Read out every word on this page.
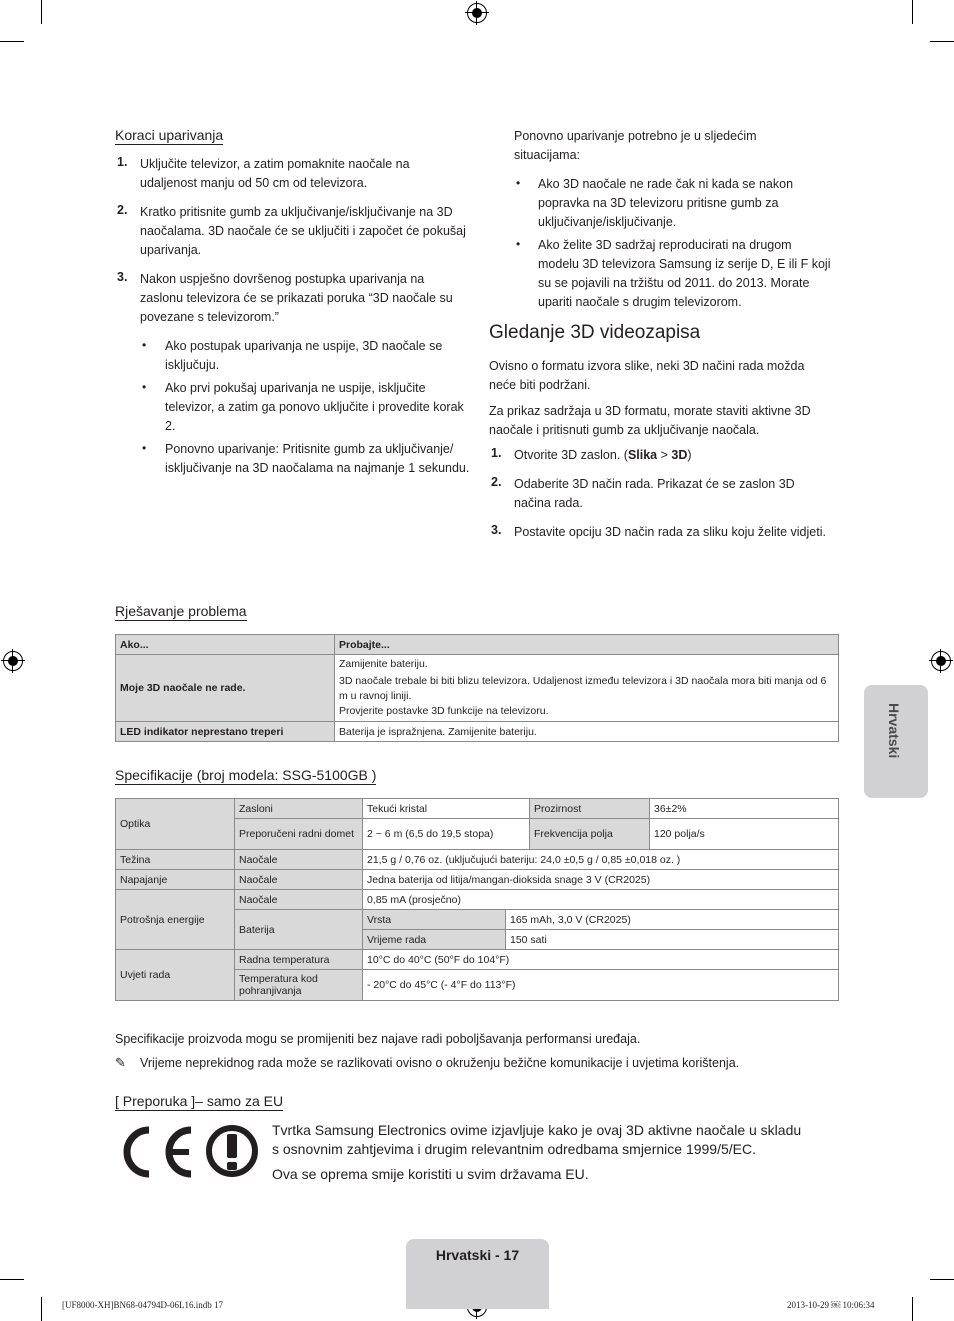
Koraci uparivanja
1. Uključite televizor, a zatim pomaknite naočale na udaljenost manju od 50 cm od televizora.
2. Kratko pritisnite gumb za uključivanje/isključivanje na 3D naočalama. 3D naočale će se uključiti i započet će pokušaj uparivanja.
3. Nakon uspješno dovršenog postupka uparivanja na zaslonu televizora će se prikazati poruka “3D naočale su povezane s televizorom.”
• Ako postupak uparivanja ne uspije, 3D naočale se isključuju.
• Ako prvi pokušaj uparivanja ne uspije, isključite televizor, a zatim ga ponovo uključite i provedite korak 2.
• Ponovno uparivanje: Pritisnite gumb za uključivanje/ isključivanje na 3D naočalama na najmanje 1 sekundu.
Ponovno uparivanje potrebno je u sljedećim situacijama:
• Ako 3D naočale ne rade čak ni kada se nakon popravka na 3D televizoru pritisne gumb za uključivanje/isključivanje.
• Ako želite 3D sadržaj reproducirati na drugom modelu 3D televizora Samsung iz serije D, E ili F koji su se pojavili na tržištu od 2011. do 2013. Morate upariti naočale s drugim televizorom.
Gledanje 3D videozapisa
Ovisno o formatu izvora slike, neki 3D načini rada možda neće biti podržani.
Za prikaz sadržaja u 3D formatu, morate staviti aktivne 3D naočale i pritisnuti gumb za uključivanje naočala.
1. Otvorite 3D zaslon. (Slika > 3D)
2. Odaberite 3D način rada. Prikazat će se zaslon 3D načina rada.
3. Postavite opciju 3D način rada za sliku koju želite vidjeti.
Rješavanje problema
Ako...	Probajte...
Moje 3D naočale ne rade.	Zamijenite bateriju.
3D naočale trebale bi biti blizu televizora. Udaljenost između televizora i 3D naočala mora biti manja od 6 m u ravnoj liniji.
Provjerite postavke 3D funkcije na televizoru.

LED indikator neprestano treperi	Baterija je ispražnjena. Zamijenite bateriju.
Specifikacije (broj modela: SSG-5100GB )
Optika	Zasloni	Tekući kristal		Prozirnost	36±2%
	Preporučeni radni domet	2 ~ 6 m (6,5 do 19,5 stopa)		Frekvencija polja	120 polja/s
Težina	Naočale	21,5 g / 0,76 oz. (uključujući bateriju: 24,0 ±0,5 g / 0,85 ±0,018 oz. )			
Napajanje	Naočale	Jedna baterija od litija/mangan-dioksida snage 3 V (CR2025)			
Potrošnja energije	Naočale	0,85 mA (prosječno)			
	Baterija	Vrsta	165 mAh, 3,0 V (CR2025)		
		Vrijeme rada	150 sati		
Uvjeti rada	Radna temperatura	10°C do 40°C (50°F do 104°F)			
	Temperatura kod pohranjivanja	- 20°C do 45°C (- 4°F do 113°F)			
Specifikacije proizvoda mogu se promijeniti bez najave radi poboljšavanja performansi uređaja.
✎ Vrijeme neprekidnog rada može se razlikovati ovisno o okruženju bežične komunikacije i uvjetima korištenja.
[ Preporuka ]– samo za EU
Tvrtka Samsung Electronics ovime izjavljuje kako je ovaj 3D aktivne naočale u skladu s osnovnim zahtjevima i drugim relevantnim odredbama smjernice 1999/5/EC.
Ova se oprema smije koristiti u svim državama EU.
Hrvatski
Hrvatski - 17
[UF8000-XH]BN68-04794D-06L16.indb 17	2013-10-29 ￼ 10:06:34
